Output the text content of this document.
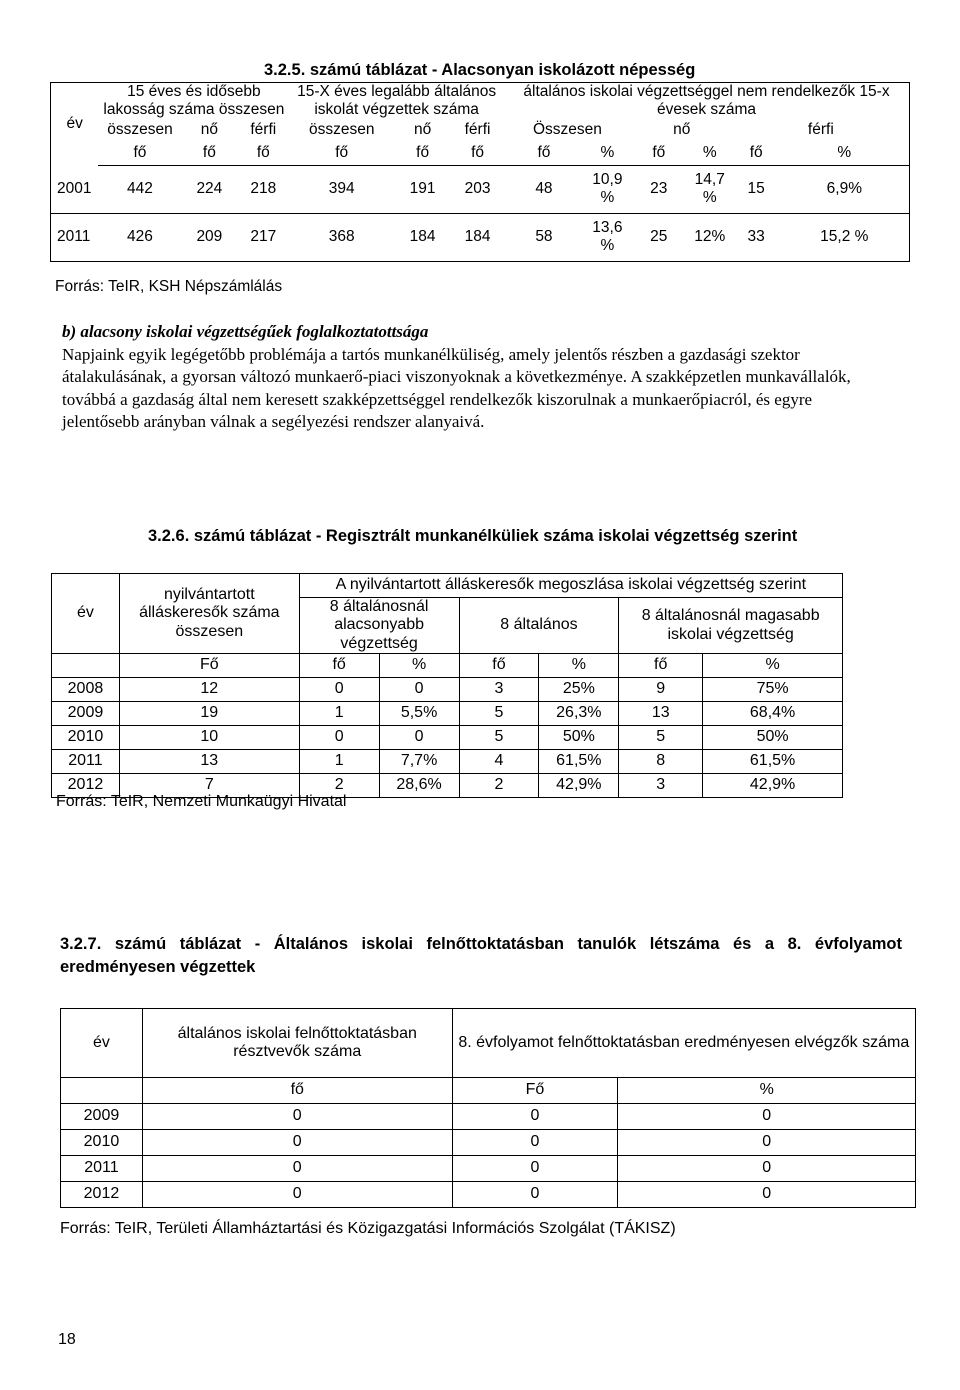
3.2.5. számú táblázat - Alacsonyan iskolázott népesség
év	15 éves és idősebb lakosság száma összesen			15-X éves legalább általános iskolát végzettek száma			általános iskolai végzettséggel nem rendelkezők 15-x évesek száma					
	összesen	nő	férfi	összesen	nő	férfi	Összesen		nő		férfi	
	fő	fő	fő	fő	fő	fő	fő	%	fő	%	fő	%
2001	442	224	218	394	191	203	48	10,9 %	23	14,7 %	15	6,9%
2011	426	209	217	368	184	184	58	13,6 %	25	12%	33	15,2 %
Forrás: TeIR, KSH Népszámlálás
b) alacsony iskolai végzettségűek foglalkoztatottsága
Napjaink egyik legégetőbb problémája a tartós munkanélküliség, amely jelentős részben a gazdasági szektor átalakulásának, a gyorsan változó munkaerő-piaci viszonyoknak a következménye. A szakképzetlen munkavállalók, továbbá a gazdaság által nem keresett szakképzettséggel rendelkezők kiszorulnak a munkaerőpiacról, és egyre jelentősebb arányban válnak a segélyezési rendszer alanyaivá.
3.2.6. számú táblázat - Regisztrált munkanélküliek száma iskolai végzettség szerint
év	nyilvántartott álláskeresők száma összesen	A nyilvántartott álláskeresők megoszlása iskolai végzettség szerint					
		8 általánosnál alacsonyabb végzettség		8 általános		8 általánosnál magasabb iskolai végzettség	

	Fő	fő	%	fő	%	fő	%
2008	12	0	0	3	25%	9	75%
2009	19	1	5,5%	5	26,3%	13	68,4%
2010	10	0	0	5	50%	5	50%
2011	13	1	7,7%	4	61,5%	8	61,5%
2012	7	2	28,6%	2	42,9%	3	42,9%
Forrás: TeIR, Nemzeti Munkaügyi Hivatal
3.2.7. számú táblázat - Általános iskolai felnőttoktatásban tanulók létszáma és a 8. évfolyamot eredményesen végzettek
év	általános iskolai felnőttoktatásban résztvevők száma	8. évfolyamot felnőttoktatásban eredményesen elvégzők száma	

	fő	Fő	%
2009	0	0	0
2010	0	0	0
2011	0	0	0
2012	0	0	0
Forrás: TeIR, Területi Államháztartási és Közigazgatási Információs Szolgálat (TÁKISZ)
18
